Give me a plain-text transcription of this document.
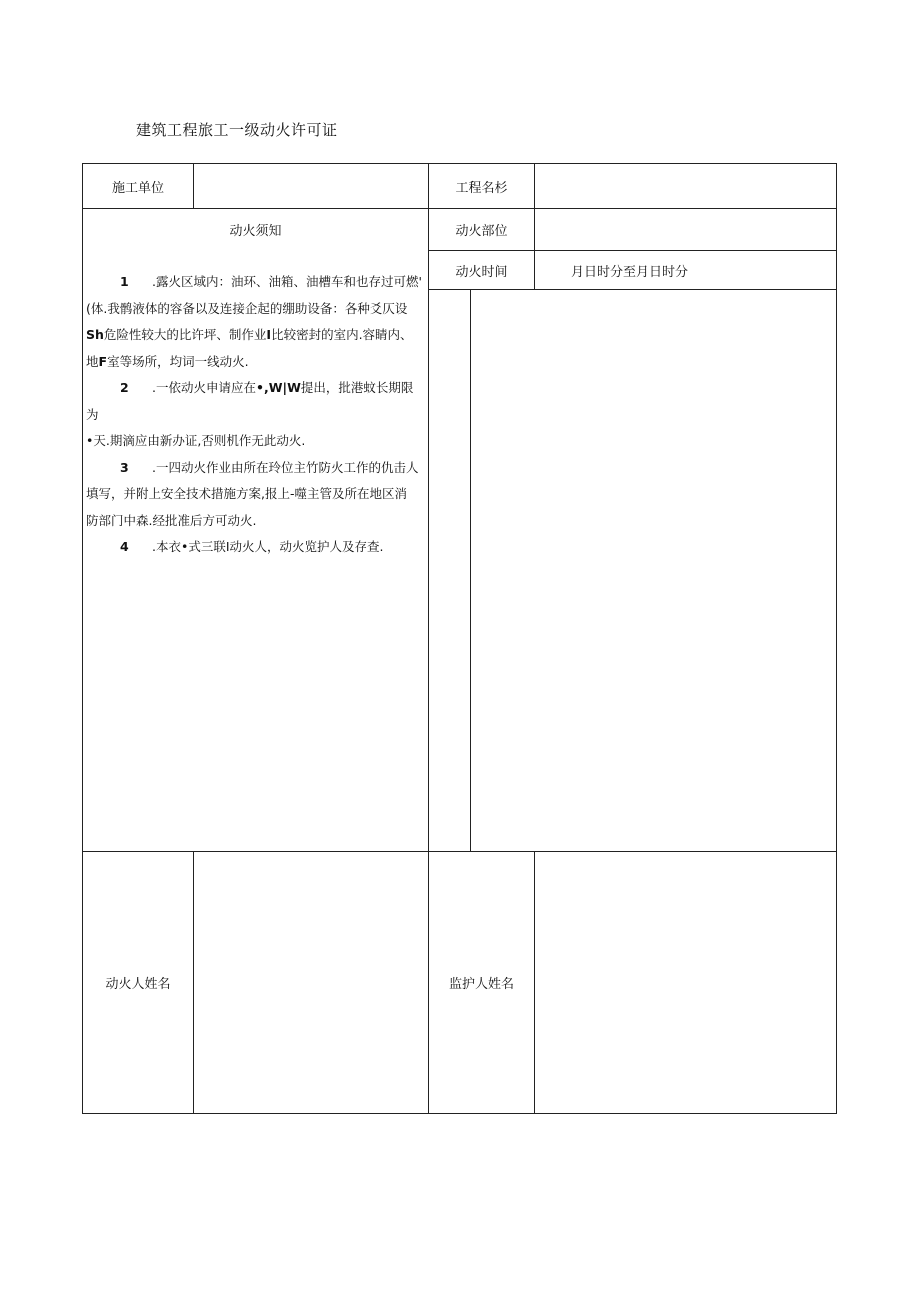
建筑工程旅工一级动火许可证
施工单位	工程名杉
动火须知	动火部位
动火时间	月日时分至月日时分

1 .露火区域内：油环、油箱、油槽车和也存过可燃'

(体.我鹘液体的容备以及连接企起的绷助设备：各种爻仄设

Sh危险性较大的比许坪、制作业I比较密封的室内.容睛内、

地F室等场所，均词一线动火.

2 .一依动火申请应在•,W|W提出，批港蚊长期限为

•天.期滴应由新办证,否则机作无此动火.

3 .一四动火作业由所在玲位主竹防火工作的仇击人

填写，并附上安全技术措施方案,报上-噬主管及所在地区消

防部门中森.经批准后方可动火.

4 .本衣•式三联I动火人，动火览护人及存查.

动火人姓名	监护人姓名
